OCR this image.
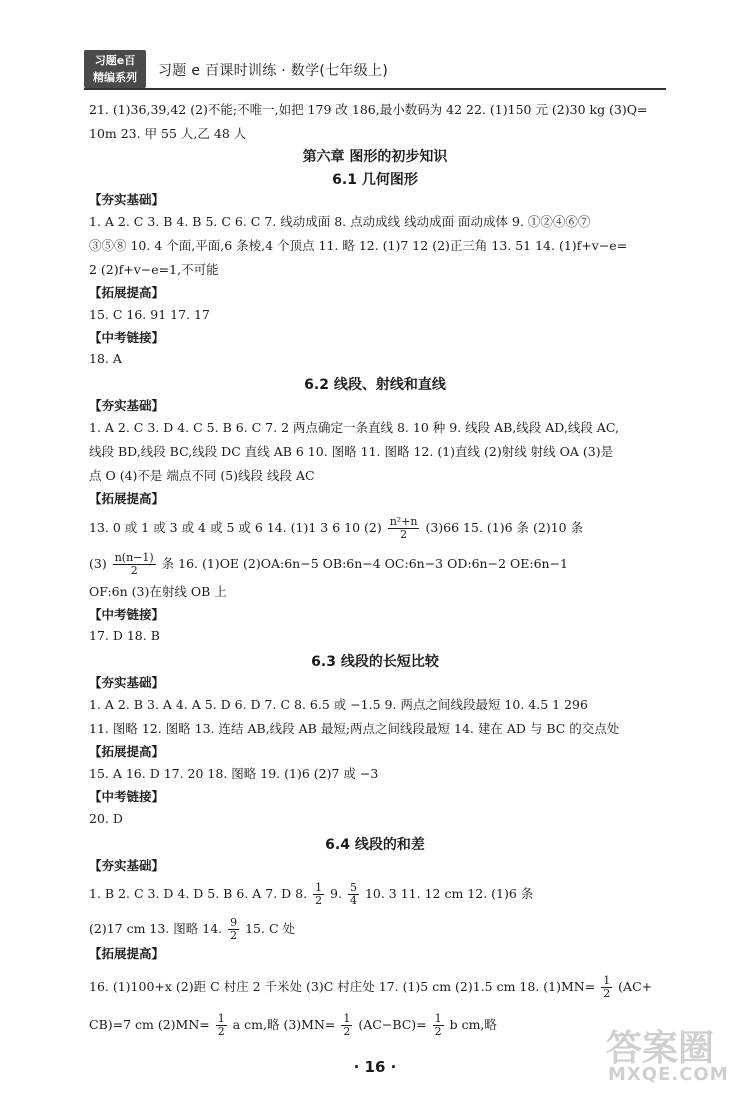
习题e百
精编系列	习题 e 百课时训练 · 数学(七年级上)
21. (1)36,39,42 (2)不能;不唯一,如把 179 改 186,最小数码为 42 22. (1)150 元 (2)30 kg (3)Q=
10m 23. 甲 55 人,乙 48 人
第六章 图形的初步知识
6.1 几何图形
【夯实基础】
1. A 2. C 3. B 4. B 5. C 6. C 7. 线动成面 8. 点动成线 线动成面 面动成体 9. ①②④⑥⑦
③⑤⑧ 10. 4 个面,平面,6 条棱,4 个顶点 11. 略 12. (1)7 12 (2)正三角 13. 51 14. (1)f+v−e=
2 (2)f+v−e=1,不可能
【拓展提高】
15. C 16. 91 17. 17
【中考链接】
18. A
6.2 线段、射线和直线
【夯实基础】
1. A 2. C 3. D 4. C 5. B 6. C 7. 2 两点确定一条直线 8. 10 种 9. 线段 AB,线段 AD,线段 AC,
线段 BD,线段 BC,线段 DC 直线 AB 6 10. 图略 11. 图略 12. (1)直线 (2)射线 射线 OA (3)是
点 O (4)不是 端点不同 (5)线段 线段 AC
【拓展提高】
13. 0 或 1 或 3 或 4 或 5 或 6 14. (1)1 3 6 10 $(2) \frac{\text{n²+n}}{2} (3)66$ 15. (1)6 条 (2)10 条
$(3) \frac{n(n-1)}{2}$ 条 16. (1)OE (2)OA:6n−5 OB:6n−4 OC:6n−3 OD:6n−2 OE:6n−1
OF:6n (3)在射线 OB 上
【中考链接】
17. D 18. B
6.3 线段的长短比较
【夯实基础】
1. A 2. B 3. A 4. A 5. D 6. D 7. C 8. 6.5 或 −1.5 9. 两点之间线段最短 10. 4.5 1 296
11. 图略 12. 图略 13. 连结 AB,线段 AB 最短;两点之间线段最短 14. 建在 AD 与 BC 的交点处
【拓展提高】
15. A 16. D 17. 20 18. 图略 19. (1)6 (2)7 或 −3
【中考链接】
20. D
6.4 线段的和差
【夯实基础】
1. B 2. C 3. D 4. D 5. B 6. A 7. D 8. $\frac{1}{2} 9$. $\frac{5}{4} 10$. 3 11. 12 cm 12. (1)6 条
(2)17 cm 13. 图略 14. $\frac{9}{2} 15$. C 处
【拓展提高】
16. (1)100+x (2)距 C 村庄 2 千米处 (3)C 村庄处 17. (1)5 cm (2)1.5 cm 18. $(1)MN= \frac{1}{2} (AC+$
CB)=7 cm $(2)MN= \frac{1}{2}$ a cm,略 $(3)MN= \frac{1}{2} (AC-BC)= \frac{1}{2}$ b cm,略
· 16 ·	答案圈
MXQE.COM
